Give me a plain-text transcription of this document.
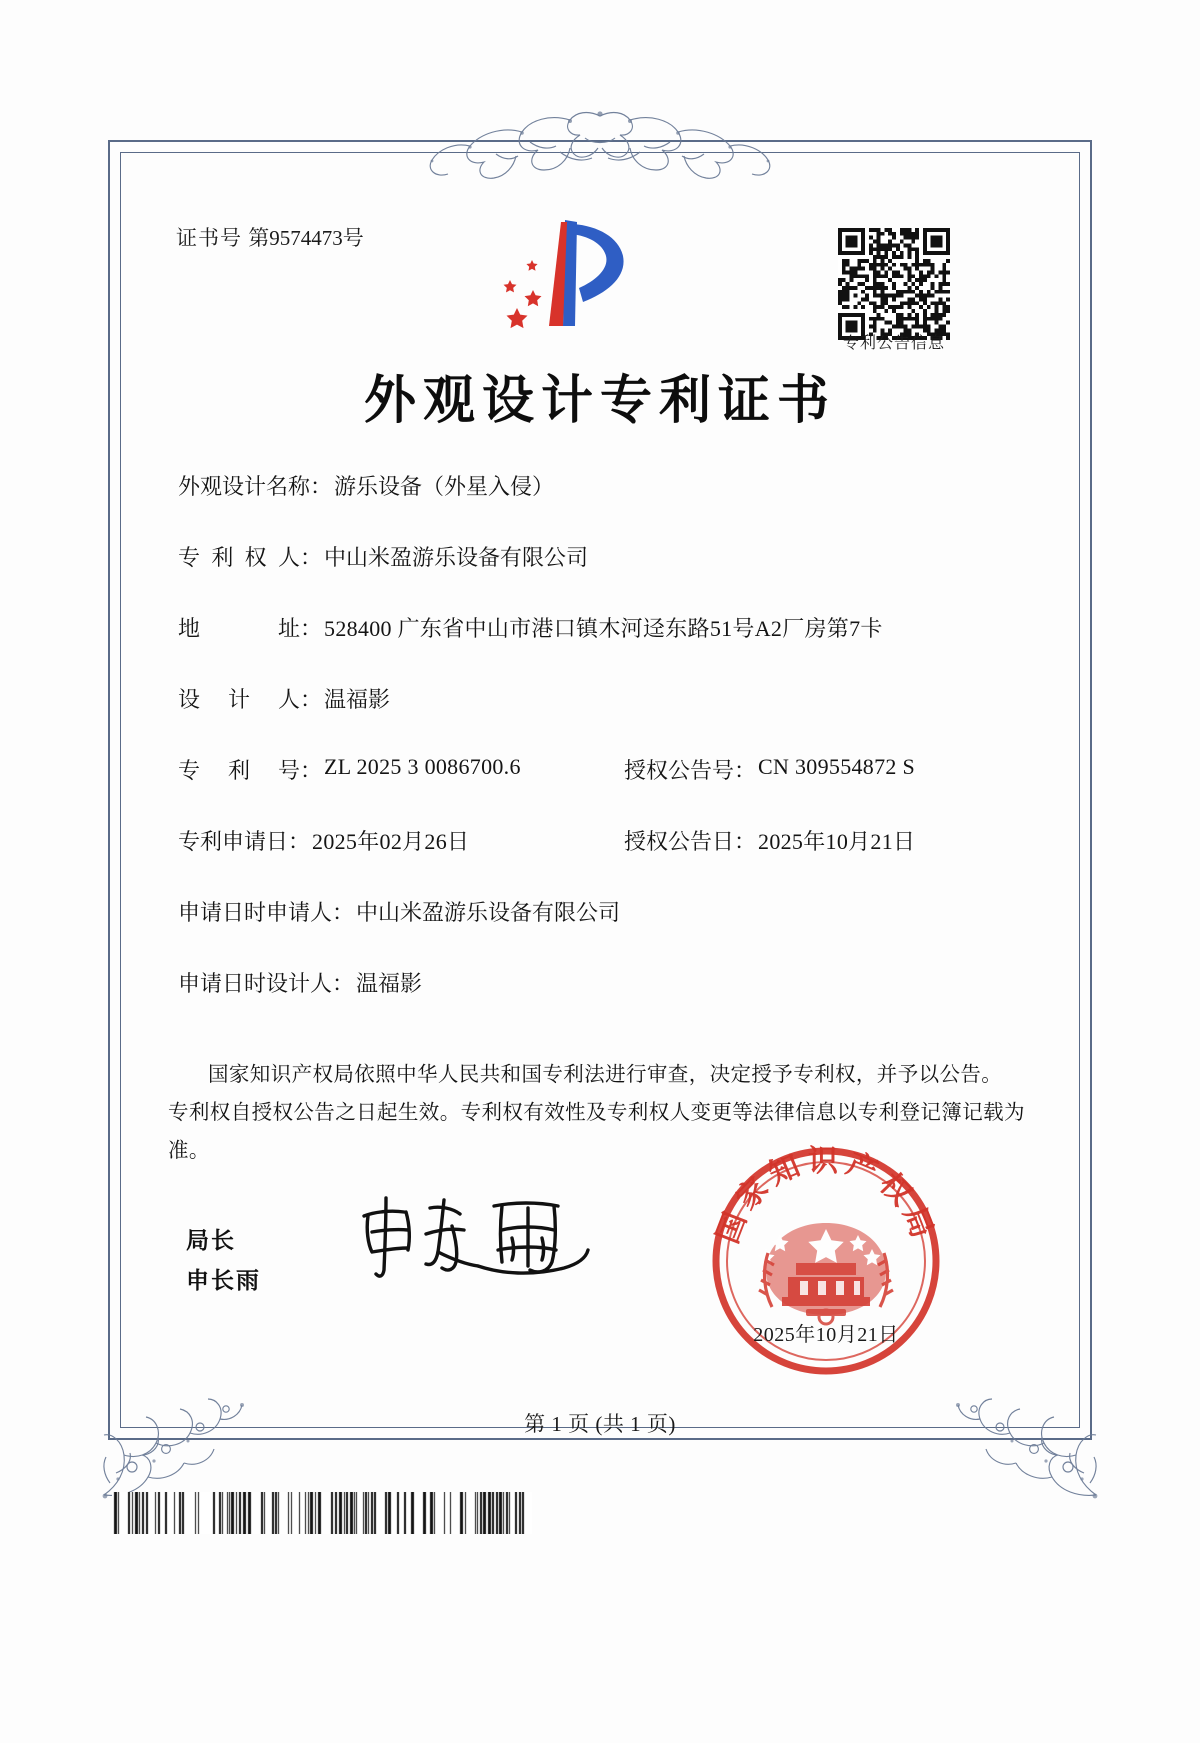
证书号 第9574473号
专利公告信息
外观设计专利证书
外观设计名称：游乐设备（外星入侵）
专利权人：中山米盈游乐设备有限公司
地址：528400 广东省中山市港口镇木河迳东路51号A2厂房第7卡
设计人：温福影
专利号：ZL 2025 3 0086700.6	授权公告号：CN 309554872 S
专利申请日：2025年02月26日	授权公告日：2025年10月21日
申请日时申请人：中山米盈游乐设备有限公司
申请日时设计人：温福影

国家知识产权局依照中华人民共和国专利法进行审查，决定授予专利权，并予以公告。

专利权自授权公告之日起生效。专利权有效性及专利权人变更等法律信息以专利登记簿记载为准。

局长
申长雨
国家知识产权局
2025年10月21日
第 1 页 (共 1 页)
